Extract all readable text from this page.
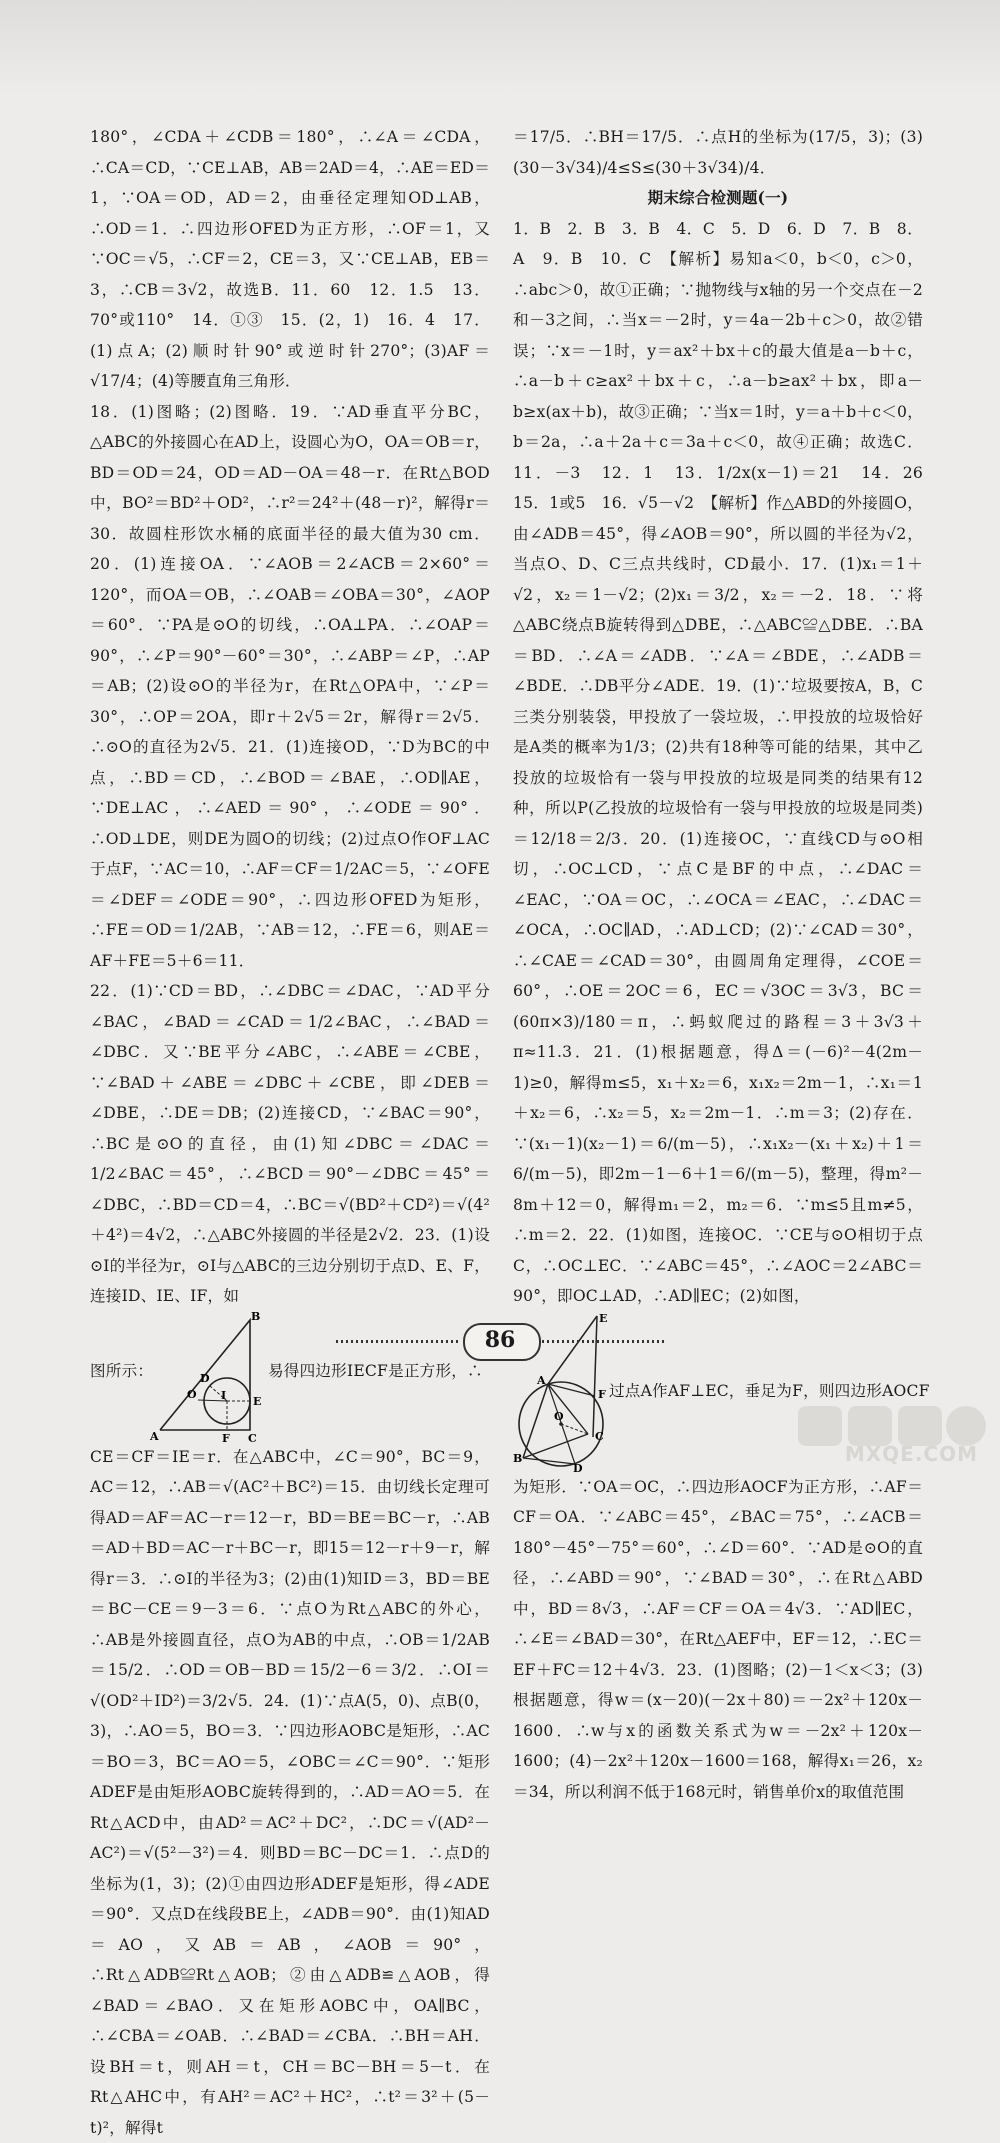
180°，∠CDA＋∠CDB＝180°，∴∠A＝∠CDA，∴CA＝CD，∵CE⊥AB，AB＝2AD＝4，∴AE＝ED＝1，∵OA＝OD，AD＝2，由垂径定理知OD⊥AB，∴OD＝1．∴四边形OFED为正方形，∴OF＝1，又∵OC＝√5，∴CF＝2，CE＝3，又∵CE⊥AB，EB＝3，∴CB＝3√2，故选B．11．60　12．1.5　13．70°或110°　14．①③　15．(2，1)　16．4　17．(1)点A；(2)顺时针90°或逆时针270°；(3)AF＝√17/4；(4)等腰直角三角形．

18．(1)图略；(2)图略．19．∵AD垂直平分BC，△ABC的外接圆心在AD上，设圆心为O，OA＝OB＝r，BD＝OD＝24，OD＝AD－OA＝48－r．在Rt△BOD中，BO²＝BD²＋OD²，∴r²＝24²＋(48－r)²，解得r＝30．故圆柱形饮水桶的底面半径的最大值为30 cm．20．(1)连接OA．∵∠AOB＝2∠ACB＝2×60°＝120°，而OA＝OB，∴∠OAB＝∠OBA＝30°，∠AOP＝60°．∵PA是⊙O的切线，∴OA⊥PA．∴∠OAP＝90°，∴∠P＝90°－60°＝30°，∴∠ABP＝∠P，∴AP＝AB；(2)设⊙O的半径为r，在Rt△OPA中，∵∠P＝30°，∴OP＝2OA，即r＋2√5＝2r，解得r＝2√5．∴⊙O的直径为2√5．21．(1)连接OD，∵D为BC的中点，∴BD＝CD，∴∠BOD＝∠BAE，∴OD∥AE，∵DE⊥AC，∴∠AED＝90°，∴∠ODE＝90°．∴OD⊥DE，则DE为圆O的切线；(2)过点O作OF⊥AC于点F，∵AC＝10，∴AF＝CF＝1/2AC＝5，∵∠OFE＝∠DEF＝∠ODE＝90°，∴四边形OFED为矩形，∴FE＝OD＝1/2AB，∵AB＝12，∴FE＝6，则AE＝AF＋FE＝5＋6＝11．

22．(1)∵CD＝BD，∴∠DBC＝∠DAC，∵AD平分∠BAC，∠BAD＝∠CAD＝1/2∠BAC，∴∠BAD＝∠DBC．又∵BE平分∠ABC，∴∠ABE＝∠CBE，∵∠BAD＋∠ABE＝∠DBC＋∠CBE，即∠DEB＝∠DBE，∴DE＝DB；(2)连接CD，∵∠BAC＝90°，∴BC是⊙O的直径，由(1)知∠DBC＝∠DAC＝1/2∠BAC＝45°，∴∠BCD＝90°－∠DBC＝45°＝∠DBC，∴BD＝CD＝4，∴BC＝√(BD²＋CD²)＝√(4²＋4²)＝4√2，∴△ABC外接圆的半径是2√2．23．(1)设⊙I的半径为r，⊙I与△ABC的三边分别切于点D、E、F，连接ID、IE、IF，如

图所示：
B
D
O I E
A	F C
易得四边形IECF是正方形，∴

CE＝CF＝IE＝r．在△ABC中，∠C＝90°，BC＝9，AC＝12，∴AB＝√(AC²＋BC²)＝15．由切线长定理可得AD＝AF＝AC－r＝12－r，BD＝BE＝BC－r，∴AB＝AD＋BD＝AC－r＋BC－r，即15＝12－r＋9－r，解得r＝3．∴⊙I的半径为3；(2)由(1)知ID＝3，BD＝BE＝BC－CE＝9－3＝6．∵点O为Rt△ABC的外心，∴AB是外接圆直径，点O为AB的中点，∴OB＝1/2AB＝15/2．∴OD＝OB－BD＝15/2－6＝3/2．∴OI＝√(OD²＋ID²)＝3/2√5．24．(1)∵点A(5，0)、点B(0，3)，∴AO＝5，BO＝3．∵四边形AOBC是矩形，∴AC＝BO＝3，BC＝AO＝5，∠OBC＝∠C＝90°．∵矩形ADEF是由矩形AOBC旋转得到的，∴AD＝AO＝5．在Rt△ACD中，由AD²＝AC²＋DC²，∴DC＝√(AD²－AC²)＝√(5²－3²)＝4．则BD＝BC－DC＝1．∴点D的坐标为(1，3)；(2)①由四边形ADEF是矩形，得∠ADE＝90°．又点D在线段BE上，∠ADB＝90°．由(1)知AD＝AO，又AB＝AB，∠AOB＝90°，∴Rt△ADB≌Rt△AOB；②由△ADB≌△AOB，得∠BAD＝∠BAO．又在矩形AOBC中，OA∥BC，∴∠CBA＝∠OAB．∴∠BAD＝∠CBA．∴BH＝AH．设BH＝t，则AH＝t，CH＝BC－BH＝5－t．在Rt△AHC中，有AH²＝AC²＋HC²，∴t²＝3²＋(5－t)²，解得t

＝17/5．∴BH＝17/5．∴点H的坐标为(17/5，3)；(3)(30－3√34)/4≤S≤(30＋3√34)/4．

期末综合检测题(一)

1．B　2．B　3．B　4．C　5．D　6．D　7．B　8．A　9．B　10．C　【解析】易知a＜0，b＜0，c＞0，∴abc＞0，故①正确；∵抛物线与x轴的另一个交点在－2和－3之间，∴当x＝－2时，y＝4a－2b＋c＞0，故②错误；∵x＝－1时，y＝ax²＋bx＋c的最大值是a－b＋c，∴a－b＋c≥ax²＋bx＋c，∴a－b≥ax²＋bx，即a－b≥x(ax＋b)，故③正确；∵当x＝1时，y＝a＋b＋c＜0，b＝2a，∴a＋2a＋c＝3a＋c＜0，故④正确；故选C．11．－3　12．1　13．1/2x(x－1)＝21　14．26　15．1或5　16．√5－√2　【解析】作△ABD的外接圆O，由∠ADB＝45°，得∠AOB＝90°，所以圆的半径为√2，当点O、D、C三点共线时，CD最小．17．(1)x₁＝1＋√2，x₂＝1－√2；(2)x₁＝3/2，x₂＝－2．18．∵将△ABC绕点B旋转得到△DBE，∴△ABC≌△DBE．∴BA＝BD．∴∠A＝∠ADB．∵∠A＝∠BDE，∴∠ADB＝∠BDE．∴DB平分∠ADE．19．(1)∵垃圾要按A，B，C三类分别装袋，甲投放了一袋垃圾，∴甲投放的垃圾恰好是A类的概率为1/3；(2)共有18种等可能的结果，其中乙投放的垃圾恰有一袋与甲投放的垃圾是同类的结果有12种，所以P(乙投放的垃圾恰有一袋与甲投放的垃圾是同类)＝12/18＝2/3．20．(1)连接OC，∵直线CD与⊙O相切，∴OC⊥CD，∵点C是BF的中点，∴∠DAC＝∠EAC，∵OA＝OC，∴∠OCA＝∠EAC，∴∠DAC＝∠OCA，∴OC∥AD，∴AD⊥CD；(2)∵∠CAD＝30°，∴∠CAE＝∠CAD＝30°，由圆周角定理得，∠COE＝60°，∴OE＝2OC＝6，EC＝√3OC＝3√3，BC＝(60π×3)/180＝π，∴蚂蚁爬过的路程＝3＋3√3＋π≈11.3．21．(1)根据题意，得Δ＝(－6)²－4(2m－1)≥0，解得m≤5，x₁＋x₂＝6，x₁x₂＝2m－1，∴x₁＝1＋x₂＝6，∴x₂＝5，x₂＝2m－1．∴m＝3；(2)存在．∵(x₁－1)(x₂－1)＝6/(m－5)，∴x₁x₂－(x₁＋x₂)＋1＝6/(m－5)，即2m－1－6＋1＝6/(m－5)，整理，得m²－8m＋12＝0，解得m₁＝2，m₂＝6．∵m≤5且m≠5，∴m＝2．22．(1)如图，连接OC．∵CE与⊙O相切于点C，∴OC⊥EC．∵∠ABC＝45°，∴∠AOC＝2∠ABC＝90°，即OC⊥AD，∴AD∥EC；(2)如图，

E
A
F
O
C
B
D
过点A作AF⊥EC，垂足为F，则四边形AOCF

为矩形．∵OA＝OC，∴四边形AOCF为正方形，∴AF＝CF＝OA．∵∠ABC＝45°，∠BAC＝75°，∴∠ACB＝180°－45°－75°＝60°，∴∠D＝60°．∵AD是⊙O的直径，∴∠ABD＝90°，∵∠BAD＝30°，∴在Rt△ABD中，BD＝8√3，∴AF＝CF＝OA＝4√3．∵AD∥EC，∴∠E＝∠BAD＝30°，在Rt△AEF中，EF＝12，∴EC＝EF＋FC＝12＋4√3．23．(1)图略；(2)－1＜x＜3；(3)根据题意，得w＝(x－20)(－2x＋80)＝－2x²＋120x－1600．∴w与x的函数关系式为w＝－2x²＋120x－1600；(4)－2x²＋120x－1600＝168，解得x₁＝26，x₂＝34，所以利润不低于168元时，销售单价x的取值范围

86
MXQE.COM
